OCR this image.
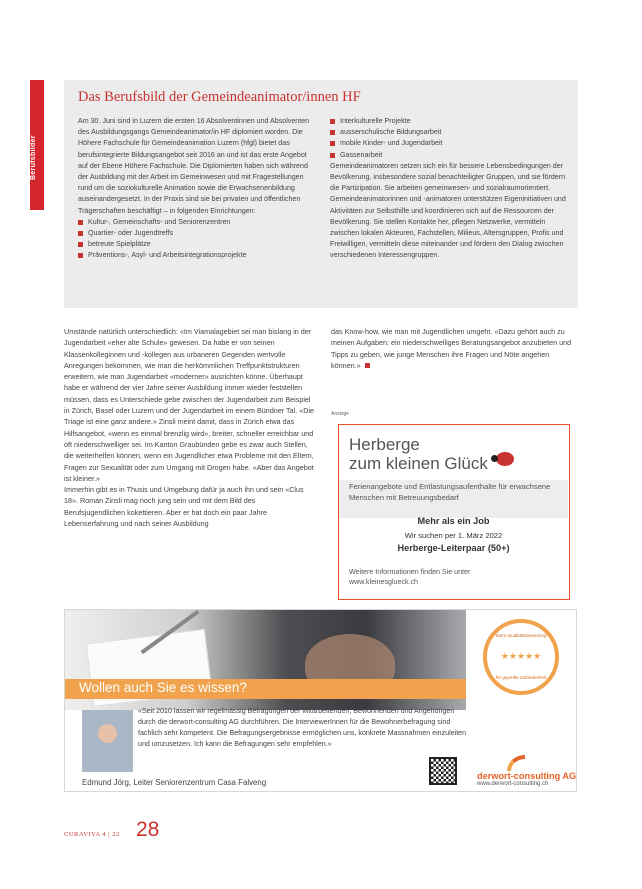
Berufsbilder
Das Berufsbild der Gemeindeanimator/innen HF

Am 30. Juni sind in Luzern die ersten 16 Absolventinnen und Absolventen des Ausbildungsgangs Gemeindeanimator/in HF diplomiert worden. Die Höhere Fachschule für Gemeindeanimation Luzern (hfgl) bietet das berufsintegrierte Bildungsangebot seit 2016 an und ist das erste Angebot auf der Ebene Höhere Fachschule. Die Diplomierten haben sich während der Ausbildung mit der Arbeit im Gemeinwesen und mit Fragestellungen rund um die soziokulturelle Animation sowie die Erwachsenenbildung auseinandergesetzt. In der Praxis sind sie bei privaten und öffentlichen Trägerschaften beschäftigt – in folgenden Einrichtungen:

Kultur-, Gemeinschafts- und Seniorenzentren
Quartier- oder Jugendtreffs
betreute Spielplätze
Präventions-, Asyl- und Arbeitsintegrationsprojekte
Interkulturelle Projekte
ausserschulische Bildungsarbeit
mobile Kinder- und Jugendarbeit
Gassenarbeit

Gemeindeanimatoren setzen sich ein für bessere Lebensbedingungen der Bevölkerung, insbesondere sozial benachteiligter Gruppen, und sie fördern die Partizipation. Sie arbeiten gemeinwesen- und sozialraumorientiert. Gemeindeanimatorinnen und -animatoren unterstützen Eigeninitiativen und Aktivitäten zur Selbsthilfe und koordinieren sich auf die Ressourcen der Bevölkerung. Sie stellen Kontakte her, pflegen Netzwerke, vermitteln zwischen lokalen Akteuren, Fachstellen, Milieus, Altersgruppen, Profis und Freiwilligen, vermitteln diese miteinander und fördern den Dialog zwischen verschiedenen Interessengruppen.

Umstände natürlich unterschiedlich: «Im Viamalagebiet sei man bislang in der Jugendarbeit «eher alte Schule» gewesen. Da habe er von seinen Klassenkolleginnen und -kollegen aus urbaneren Gegenden wertvolle Anregungen bekommen, wie man die herkömmlichen Treffpunktstrukturen erweitern, wie man Jugendarbeit «moderner» ausrichten könne. Überhaupt habe er während der vier Jahre seiner Ausbildung immer wieder feststellen müssen, dass es Unterschiede gebe zwischen der Jugendarbeit zum Beispiel in Zürich, Basel oder Luzern und der Jugendarbeit im einem Bündner Tal. «Die Triage ist eine ganz andere.» Zinsli meint damit, dass in Zürich etwa das Hilfsangebot, «wenn es einmal brenzlig wird», breiter, schneller erreichbar und oft niederschwelliger sei. Im Kanton Graubünden gebe es zwar auch Stellen, die weiterhelfen können, wenn ein Jugendlicher etwa Probleme mit den Eltern, Fragen zur Sexualität oder zum Umgang mit Drogen habe. «Aber das Angebot ist kleiner.»

Immerhin gibt es in Thusis und Umgebung dafür ja auch ihn und sein «Clus 18». Roman Zinsli mag noch jung sein und mit dem Bild des Berufsjugendlichen kokettieren. Aber er hat doch ein paar Jahre Lebenserfahrung und nach seiner Ausbildung

das Know-how, wie man mit Jugendlichen umgeht. «Dazu gehört auch zu meinen Aufgaben: ein niederschwelliges Beratungsangebot anzubieten und Tipps zu geben, wie junge Menschen ihre Fragen und Nöte angehen können.»

Anzeige
Herberge
zum kleinen Glück
Ferienangebote und Entlastungsaufenthalte für erwachsene Menschen mit Betreuungsbedarf
Mehr als ein Job
Wir suchen per 1. März 2022
Herberge-Leiterpaar (50+)
Weitere Informationen finden Sie unter
www.kleinesglueck.ch
Wollen auch Sie es wissen?
«Seit 2010 lassen wir regelmässig Befragungen der Mitarbeitenden, Bewohnenden und Angehörigen durch die derwort-consulting AG durchführen. Die InterviewerInnen für die Bewohnerbefragung sind fachlich sehr kompetent. Die Befragungsergebnisse ermöglichen uns, konkrete Massnahmen einzuleiten und umzusetzen. Ich kann die Befragungen sehr empfehlen.»
Edmund Jörg, Leiter Seniorenzentrum Casa Falveng
Stern-Qualitätsbewertung
★★★★★
für geprüfte Zufriedenheit
derwort-consulting AG
www.derwort-consulting.ch
CURAVIVA 4 | 22 28
